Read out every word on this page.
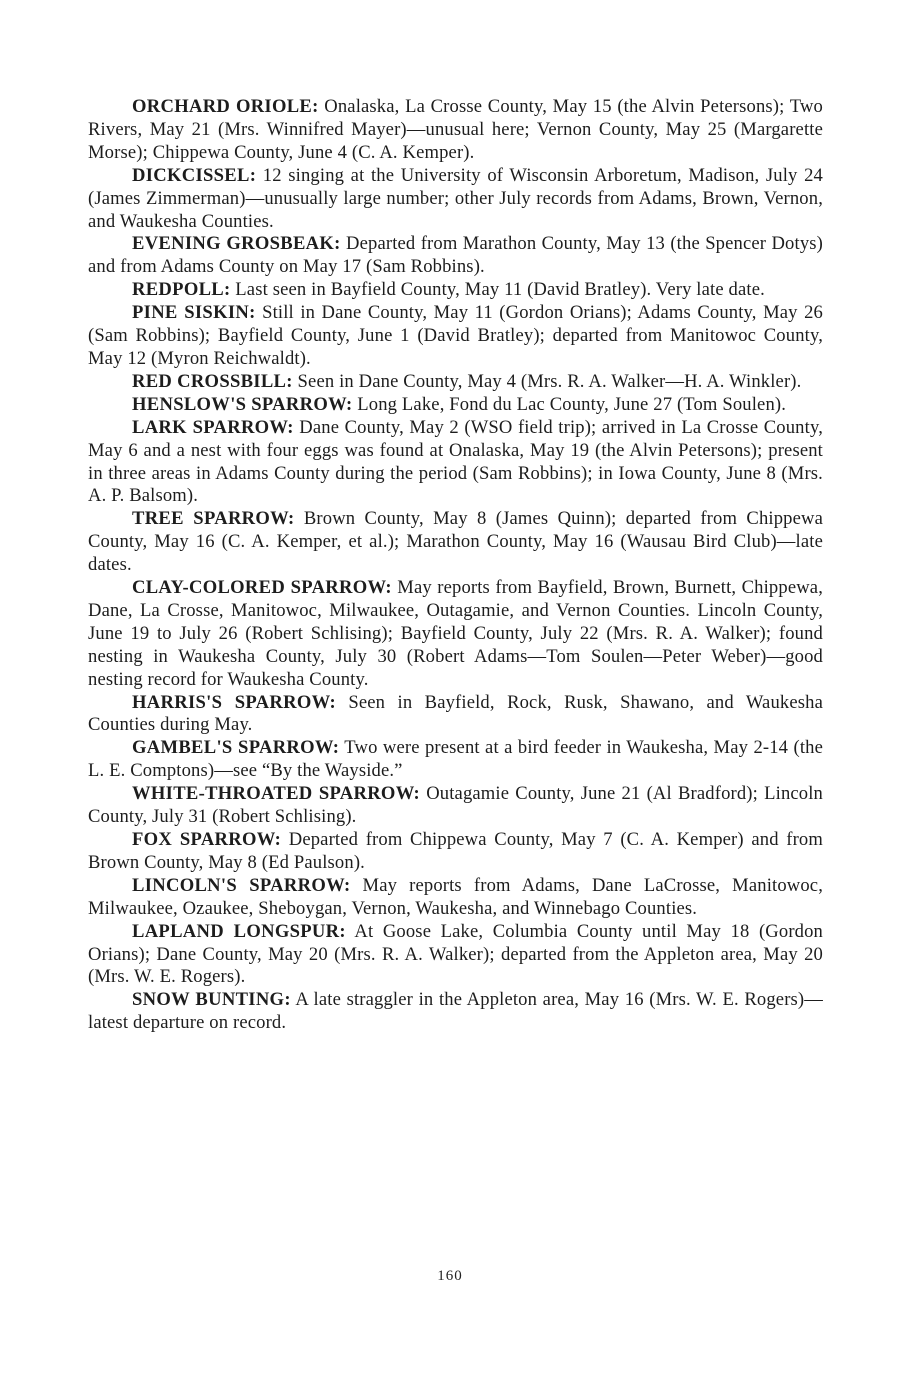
ORCHARD ORIOLE: Onalaska, La Crosse County, May 15 (the Alvin Petersons); Two Rivers, May 21 (Mrs. Winnifred Mayer)—unusual here; Vernon County, May 25 (Margarette Morse); Chippewa County, June 4 (C. A. Kemper).

DICKCISSEL: 12 singing at the University of Wisconsin Arboretum, Madison, July 24 (James Zimmerman)—unusually large number; other July records from Adams, Brown, Vernon, and Waukesha Counties.

EVENING GROSBEAK: Departed from Marathon County, May 13 (the Spencer Dotys) and from Adams County on May 17 (Sam Robbins).

REDPOLL: Last seen in Bayfield County, May 11 (David Bratley). Very late date.

PINE SISKIN: Still in Dane County, May 11 (Gordon Orians); Adams County, May 26 (Sam Robbins); Bayfield County, June 1 (David Bratley); departed from Manitowoc County, May 12 (Myron Reichwaldt).

RED CROSSBILL: Seen in Dane County, May 4 (Mrs. R. A. Walker—H. A. Winkler).

HENSLOW'S SPARROW: Long Lake, Fond du Lac County, June 27 (Tom Soulen).

LARK SPARROW: Dane County, May 2 (WSO field trip); arrived in La Crosse County, May 6 and a nest with four eggs was found at Onalaska, May 19 (the Alvin Petersons); present in three areas in Adams County during the period (Sam Robbins); in Iowa County, June 8 (Mrs. A. P. Balsom).

TREE SPARROW: Brown County, May 8 (James Quinn); departed from Chippewa County, May 16 (C. A. Kemper, et al.); Marathon County, May 16 (Wausau Bird Club)—late dates.

CLAY-COLORED SPARROW: May reports from Bayfield, Brown, Burnett, Chippewa, Dane, La Crosse, Manitowoc, Milwaukee, Outagamie, and Vernon Counties. Lincoln County, June 19 to July 26 (Robert Schlising); Bayfield County, July 22 (Mrs. R. A. Walker); found nesting in Waukesha County, July 30 (Robert Adams—Tom Soulen—Peter Weber)—good nesting record for Waukesha County.

HARRIS'S SPARROW: Seen in Bayfield, Rock, Rusk, Shawano, and Waukesha Counties during May.

GAMBEL'S SPARROW: Two were present at a bird feeder in Waukesha, May 2-14 (the L. E. Comptons)—see “By the Wayside.”

WHITE-THROATED SPARROW: Outagamie County, June 21 (Al Bradford); Lincoln County, July 31 (Robert Schlising).

FOX SPARROW: Departed from Chippewa County, May 7 (C. A. Kemper) and from Brown County, May 8 (Ed Paulson).

LINCOLN'S SPARROW: May reports from Adams, Dane LaCrosse, Manitowoc, Milwaukee, Ozaukee, Sheboygan, Vernon, Waukesha, and Winnebago Counties.

LAPLAND LONGSPUR: At Goose Lake, Columbia County until May 18 (Gordon Orians); Dane County, May 20 (Mrs. R. A. Walker); departed from the Appleton area, May 20 (Mrs. W. E. Rogers).

SNOW BUNTING: A late straggler in the Appleton area, May 16 (Mrs. W. E. Rogers)—latest departure on record.

160
